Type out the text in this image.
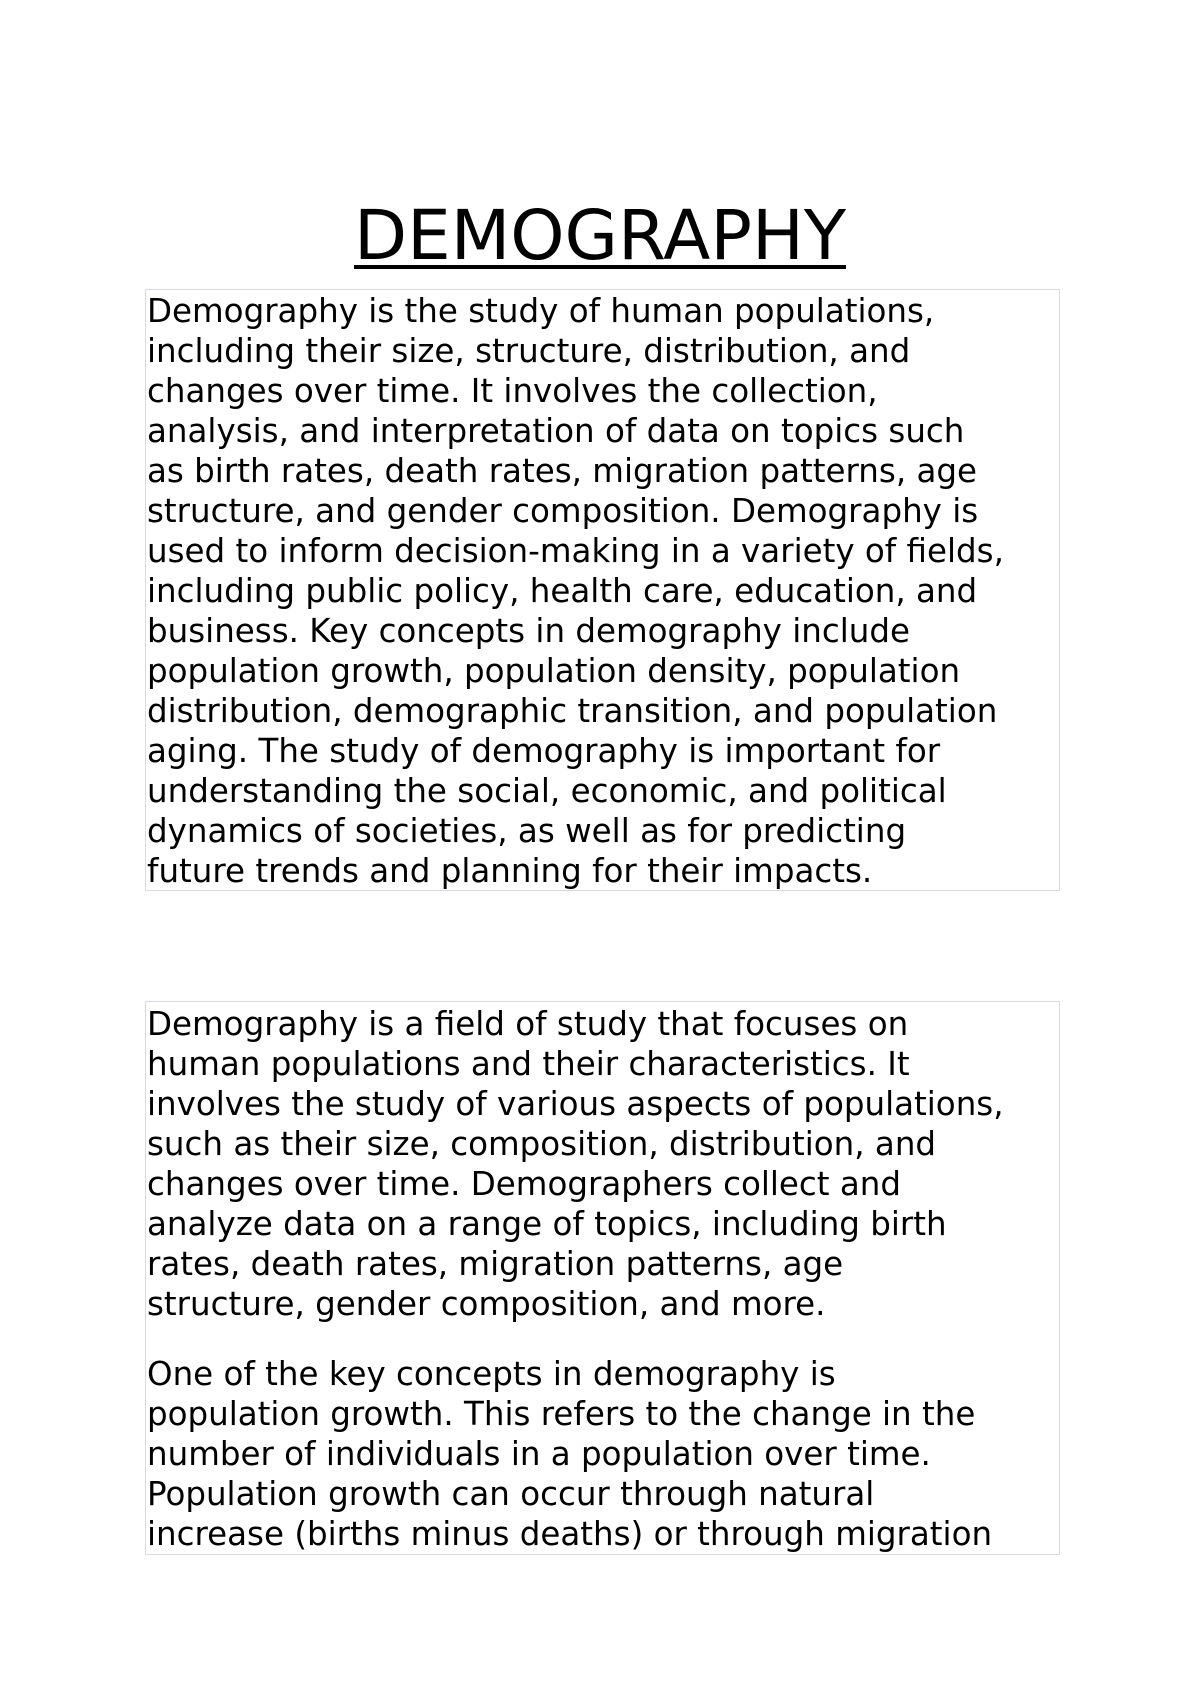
DEMOGRAPHY

Demography is the study of human populations,
including their size, structure, distribution, and
changes over time. It involves the collection,
analysis, and interpretation of data on topics such
as birth rates, death rates, migration patterns, age
structure, and gender composition. Demography is
used to inform decision-making in a variety of fields,
including public policy, health care, education, and
business. Key concepts in demography include
population growth, population density, population
distribution, demographic transition, and population
aging. The study of demography is important for
understanding the social, economic, and political
dynamics of societies, as well as for predicting
future trends and planning for their impacts.

Demography is a field of study that focuses on
human populations and their characteristics. It
involves the study of various aspects of populations,
such as their size, composition, distribution, and
changes over time. Demographers collect and
analyze data on a range of topics, including birth
rates, death rates, migration patterns, age
structure, gender composition, and more.

One of the key concepts in demography is
population growth. This refers to the change in the
number of individuals in a population over time.
Population growth can occur through natural
increase (births minus deaths) or through migration
